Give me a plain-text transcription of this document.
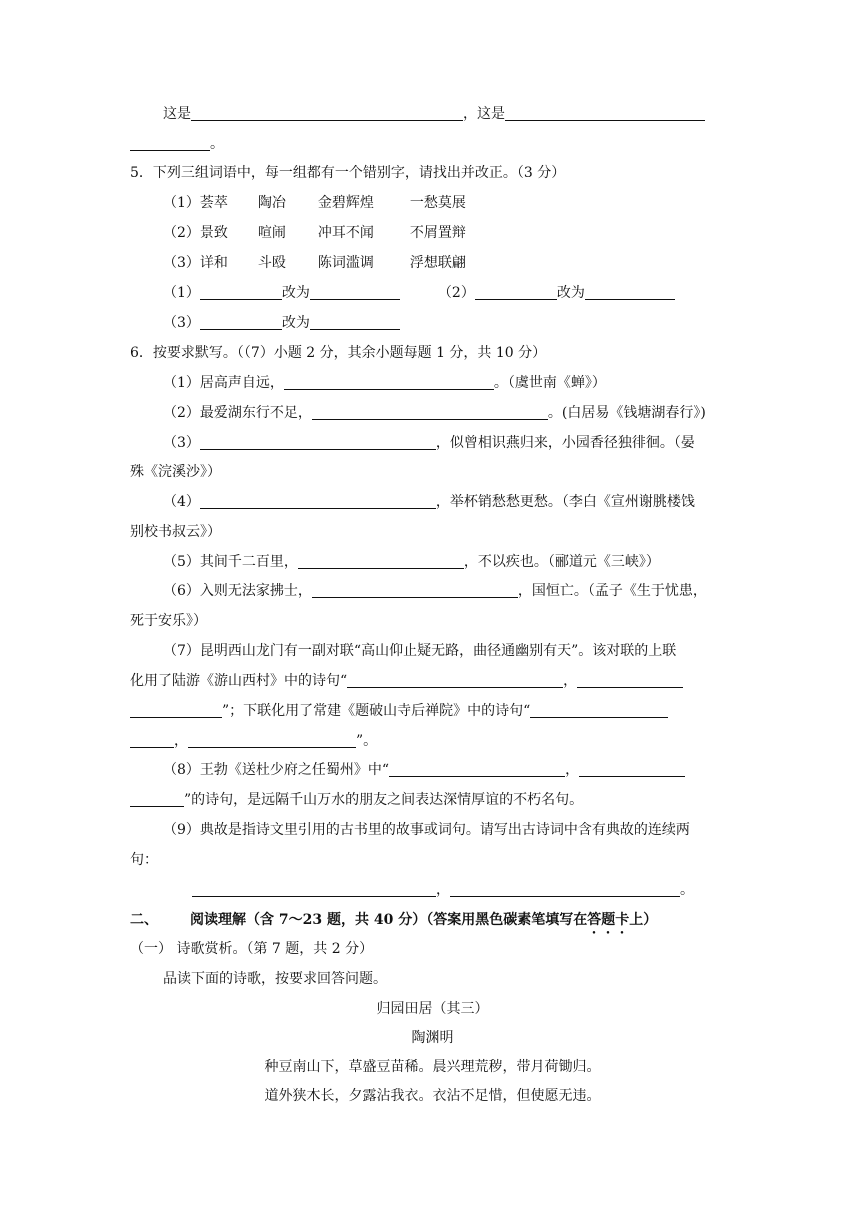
这是	，这是
。
5．下列三组词语中，每一组都有一个错别字，请找出并改正。（3 分）
（1）荟萃 陶冶 金碧辉煌	一愁莫展
（2）景致 喧闹 冲耳不闻	不屑置辩
（3）详和 斗殴 陈词滥调	浮想联翩
（1）	改为	（2）	改为
（3）	改为
6．按要求默写。（（7）小题 2 分，其余小题每题 1 分，共 10 分）
（1）居高声自远，	。（虞世南《蝉》）
（2）最爱湖东行不足，	。(白居易《钱塘湖春行》)
（3）	，似曾相识燕归来，小园香径独徘徊。（晏
殊《浣溪沙》）
（4）	，举杯销愁愁更愁。（李白《宣州谢朓楼饯
别校书叔云》）
（5）其间千二百里，	，不以疾也。（郦道元《三峡》）
（6）入则无法家拂士，	，国恒亡。（孟子《生于忧患，
死于安乐》）
（7）昆明西山龙门有一副对联“高山仰止疑无路，曲径通幽别有天”。该对联的上联
化用了陆游《游山西村》中的诗句“	，
”；下联化用了常建《题破山寺后禅院》中的诗句“
，	”。
（8）王勃《送杜少府之任蜀州》中“	，
”的诗句，是远隔千山万水的朋友之间表达深情厚谊的不朽名句。
（9）典故是指诗文里引用的古书里的故事或词句。请写出古诗词中含有典故的连续两
句：
，	。
二、 阅读理解（含 7～23 题，共 40 分）（答案用黑色碳素笔填写在答题卡上）
（一） 诗歌赏析。（第 7 题，共 2 分）
品读下面的诗歌，按要求回答问题。
归园田居（其三）
陶渊明
种豆南山下，草盛豆苗稀。晨兴理荒秽，带月荷锄归。
道外狭木长，夕露沾我衣。衣沾不足惜，但使愿无违。
